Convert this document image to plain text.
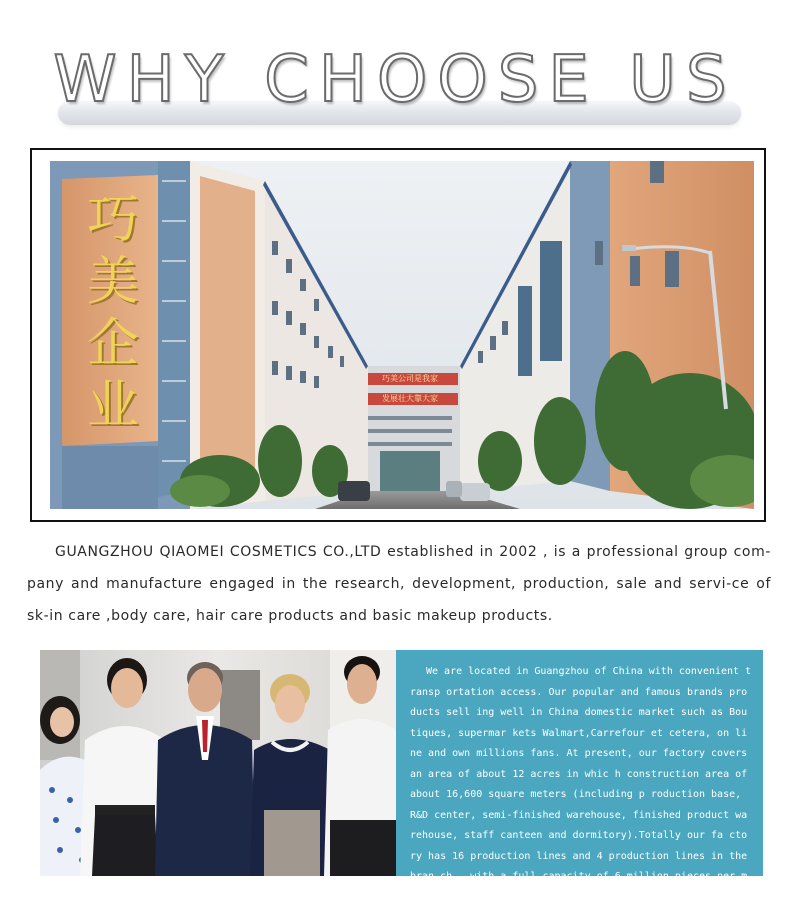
WHY CHOOSE US
巧
美
企
业	巧美公司是我家
发展壮大靠大家

GUANGZHOU QIAOMEI COSMETICS CO.,LTD established in 2002 , is a professional group com-pany and manufacture engaged in the research, development, production, sale and servi-ce of sk-in care ,body care, hair care products and basic makeup products.

We are located in Guangzhou of China with convenient transp ortation access. Our popular and famous brands products sell ing well in China domestic market such as Boutiques, supermar kets Walmart,Carrefour et cetera, on line and own millions fans. At present, our factory covers an area of about 12 acres in whic h construction area of about 16,600 square meters (including p roduction base, R&D center, semi-finished warehouse, finished product warehouse, staff canteen and dormitory).Totally our fa ctory has 16 production lines and 4 production lines in the bran ch , with a full capacity of 6 million pieces per month.
